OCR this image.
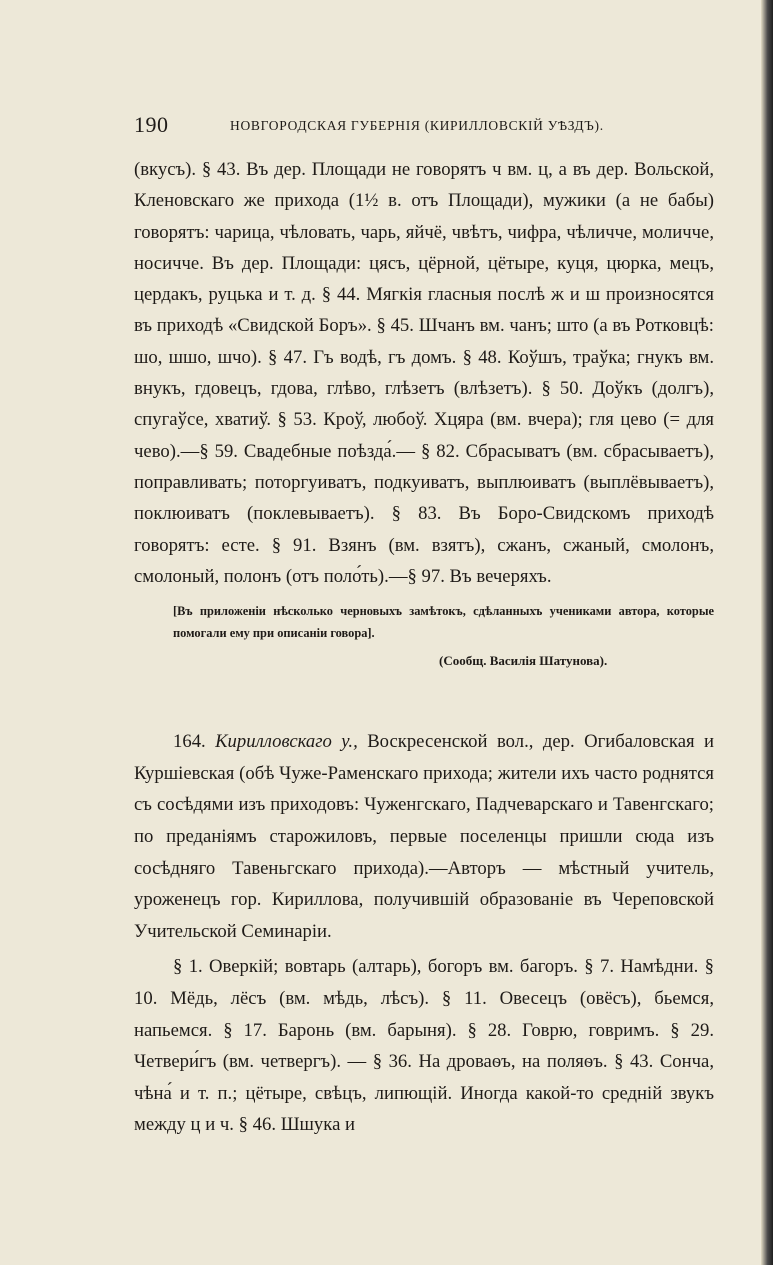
190	НОВГОРОДСКАЯ ГУБЕРНІЯ (КИРИЛЛОВСКІЙ УѢЗДЪ).

(вкусъ). § 43. Въ дер. Площади не говорятъ ч вм. ц, а въ дер. Вольской, Кленовскаго же прихода (1½ в. отъ Площади), мужики (а не бабы) говорятъ: чарица, чѣловать, чарь, яйчё, чвѣтъ, чифра, чѣличче, моличче, носичче. Въ дер. Площади: цясъ, цёрной, цётыре, куця, цюрка, мецъ, цердакъ, руцька и т. д. § 44. Мягкія гласныя послѣ ж и ш произносятся въ приходѣ «Свидской Боръ». § 45. Шчанъ вм. чанъ; што (а въ Ротковцѣ: шо, шшо, шчо). § 47. Гъ водѣ, гъ домъ. § 48. Коўшъ, траўка; гнукъ вм. внукъ, гдовецъ, гдова, глѣво, глѣзетъ (влѣзетъ). § 50. Доўкъ (долгъ), спугаўсе, хватиў. § 53. Кроў, любоў. Хцяра (вм. вчера); гля цево (= для чево).—§ 59. Свадебные поѣзда́.— § 82. Сбрасыватъ (вм. сбрасываетъ), поправливать; поторгуиватъ, подкуиватъ, выплюиватъ (выплёвываетъ), поклюиватъ (поклевываетъ). § 83. Въ Боро-Свидскомъ приходѣ говорятъ: есте. § 91. Взянъ (вм. взятъ), сжанъ, сжаный, смолонъ, смолоный, полонъ (отъ поло́ть).—§ 97. Въ вечеряхъ.

[Въ приложеніи нѣсколько черновыхъ замѣтокъ, сдѣланныхъ учениками автора, которые помогали ему при описаніи говора].

(Сообщ. Василія Шатунова).

164. Кирилловскаго у., Воскресенской вол., дер. Огибаловская и Куршіевская (обѣ Чуже-Раменскаго прихода; жители ихъ часто роднятся съ сосѣдями изъ приходовъ: Чуженгскаго, Падчеварскаго и Тавенгскаго; по преданіямъ старожиловъ, первые поселенцы пришли сюда изъ сосѣдняго Тавеньгскаго прихода).—Авторъ — мѣстный учитель, уроженецъ гор. Кириллова, получившій образованіе въ Череповской Учительской Семинаріи.

§ 1. Оверкій; вовтарь (алтарь), богоръ вм. багоръ. § 7. Намѣдни. § 10. Мёдь, лёсъ (вм. мѣдь, лѣсъ). § 11. Овесецъ (овёсъ), бьемся, напьемся. § 17. Баронь (вм. барыня). § 28. Говрю, говримъ. § 29. Четвери́гъ (вм. четвергъ). — § 36. На дроваѳъ, на поляѳъ. § 43. Сонча, чѣна́ и т. п.; цётыре, свѣцъ, липющій. Иногда какой-то средній звукъ между ц и ч. § 46. Шшука и
